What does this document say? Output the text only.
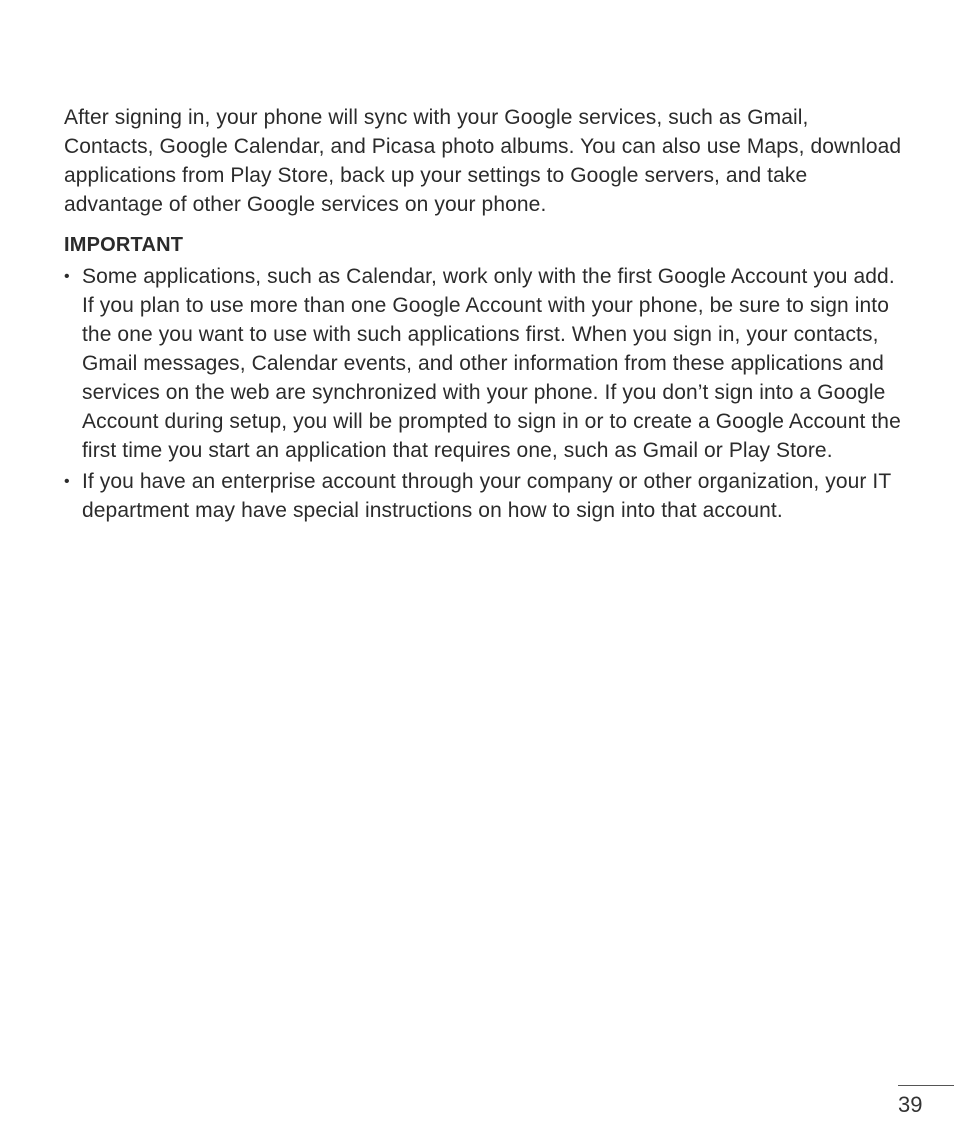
After signing in, your phone will sync with your Google services, such as Gmail, Contacts, Google Calendar, and Picasa photo albums. You can also use Maps, download applications from Play Store, back up your settings to Google servers, and take advantage of other Google services on your phone.

IMPORTANT
• Some applications, such as Calendar, work only with the first Google Account you add. If you plan to use more than one Google Account with your phone, be sure to sign into the one you want to use with such applications first. When you sign in, your contacts, Gmail messages, Calendar events, and other information from these applications and services on the web are synchronized with your phone. If you don’t sign into a Google Account during setup, you will be prompted to sign in or to create a Google Account the first time you start an application that requires one, such as Gmail or Play Store.
• If you have an enterprise account through your company or other organization, your IT department may have special instructions on how to sign into that account.
39
